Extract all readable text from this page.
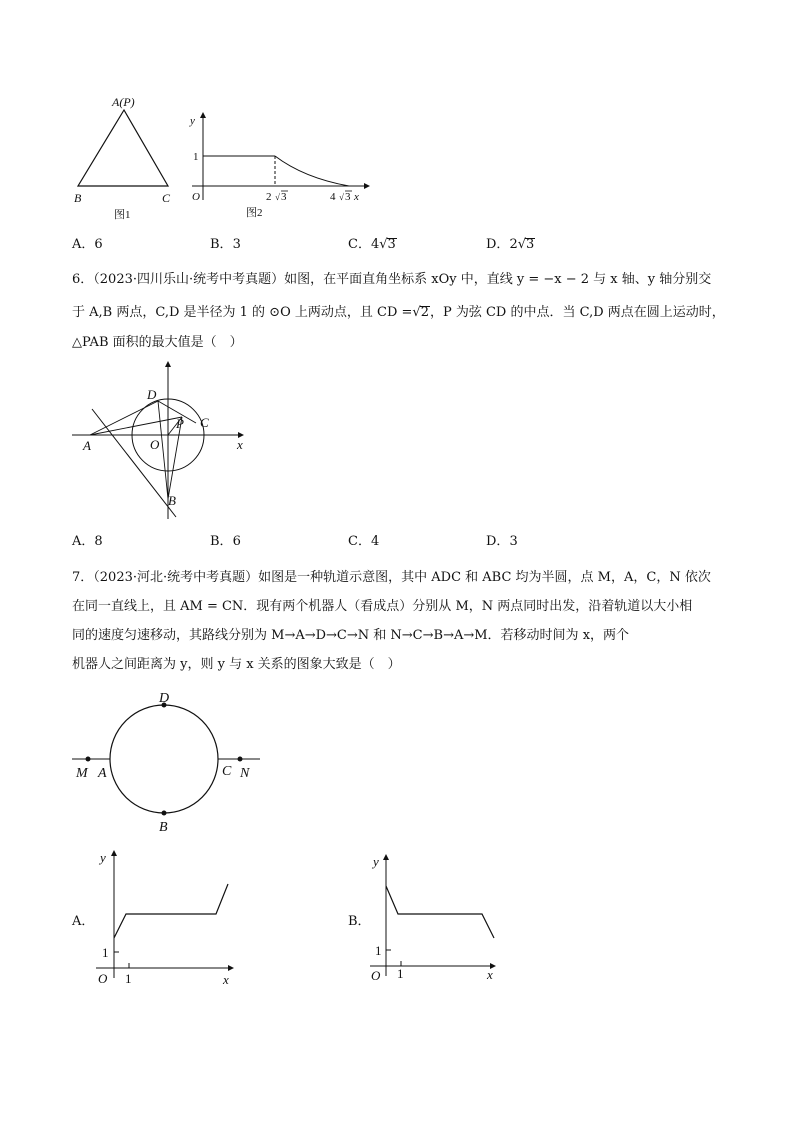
A(P)
B	C
图1
y
1
O	2 √ 3	4 √ 3 x
图2
A．6	B．3	C．4√3	D．2√3
6．（2023·四川乐山·统考中考真题）如图，在平面直角坐标系 xOy 中，直线 y = −x − 2 与 x 轴、y 轴分别交
于 A,B 两点，C,D 是半径为 1 的 ⊙O 上两动点，且 CD =√2，P 为弦 CD 的中点．当 C,D 两点在圆上运动时，
△PAB 面积的最大值是（　）
D
P C
A	O	x
B
A．8	B．6	C．4	D．3
7．（2023·河北·统考中考真题）如图是一种轨道示意图，其中 ADC 和 ABC 均为半圆，点 M，A，C，N 依次
在同一直线上，且 AM = CN．现有两个机器人（看成点）分别从 M，N 两点同时出发，沿着轨道以大小相
同的速度匀速移动，其路线分别为 M→A→D→C→N 和 N→C→B→A→M．若移动时间为 x，两个
机器人之间距离为 y，则 y 与 x 关系的图象大致是（　）
D
M A	C N
B
A．
y
1
O 1	x
B．
y
1
O 1	x
